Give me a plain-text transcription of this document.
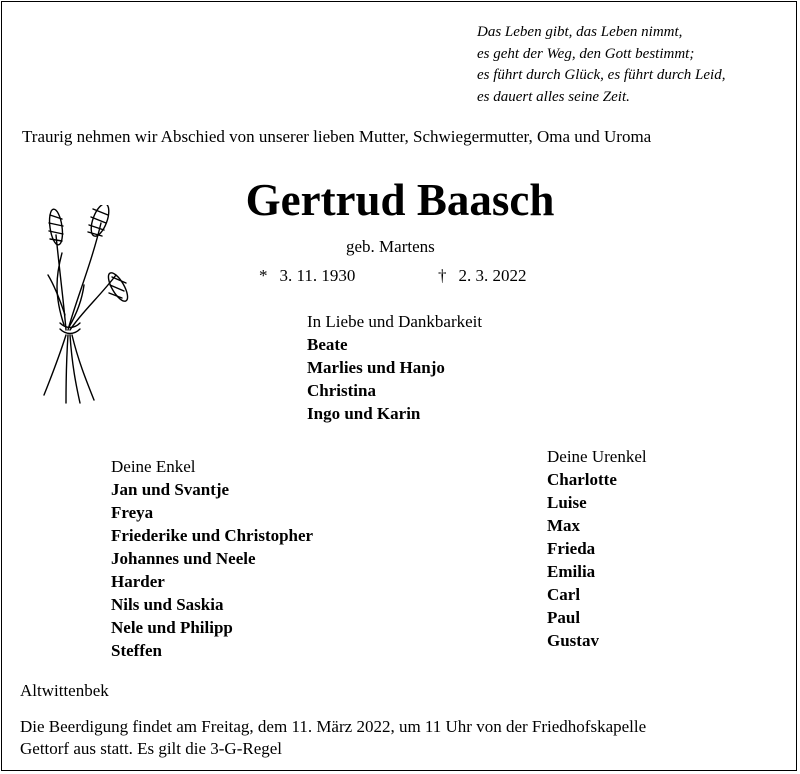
Das Leben gibt, das Leben nimmt,
es geht der Weg, den Gott bestimmt;
es führt durch Glück, es führt durch Leid,
es dauert alles seine Zeit.
Traurig nehmen wir Abschied von unserer lieben Mutter, Schwiegermutter, Oma und Uroma
Gertrud Baasch
geb. Martens
* 3. 11. 1930	† 2. 3. 2022
In Liebe und Dankbarkeit
Beate
Marlies und Hanjo
Christina
Ingo und Karin
Deine Enkel
Jan und Svantje
Freya
Friederike und Christopher
Johannes und Neele
Harder
Nils und Saskia
Nele und Philipp
Steffen
Deine Urenkel
Charlotte
Luise
Max
Frieda
Emilia
Carl
Paul
Gustav
Altwittenbek
Die Beerdigung findet am Freitag, dem 11. März 2022, um 11 Uhr von der Friedhofskapelle
Gettorf aus statt. Es gilt die 3-G-Regel
